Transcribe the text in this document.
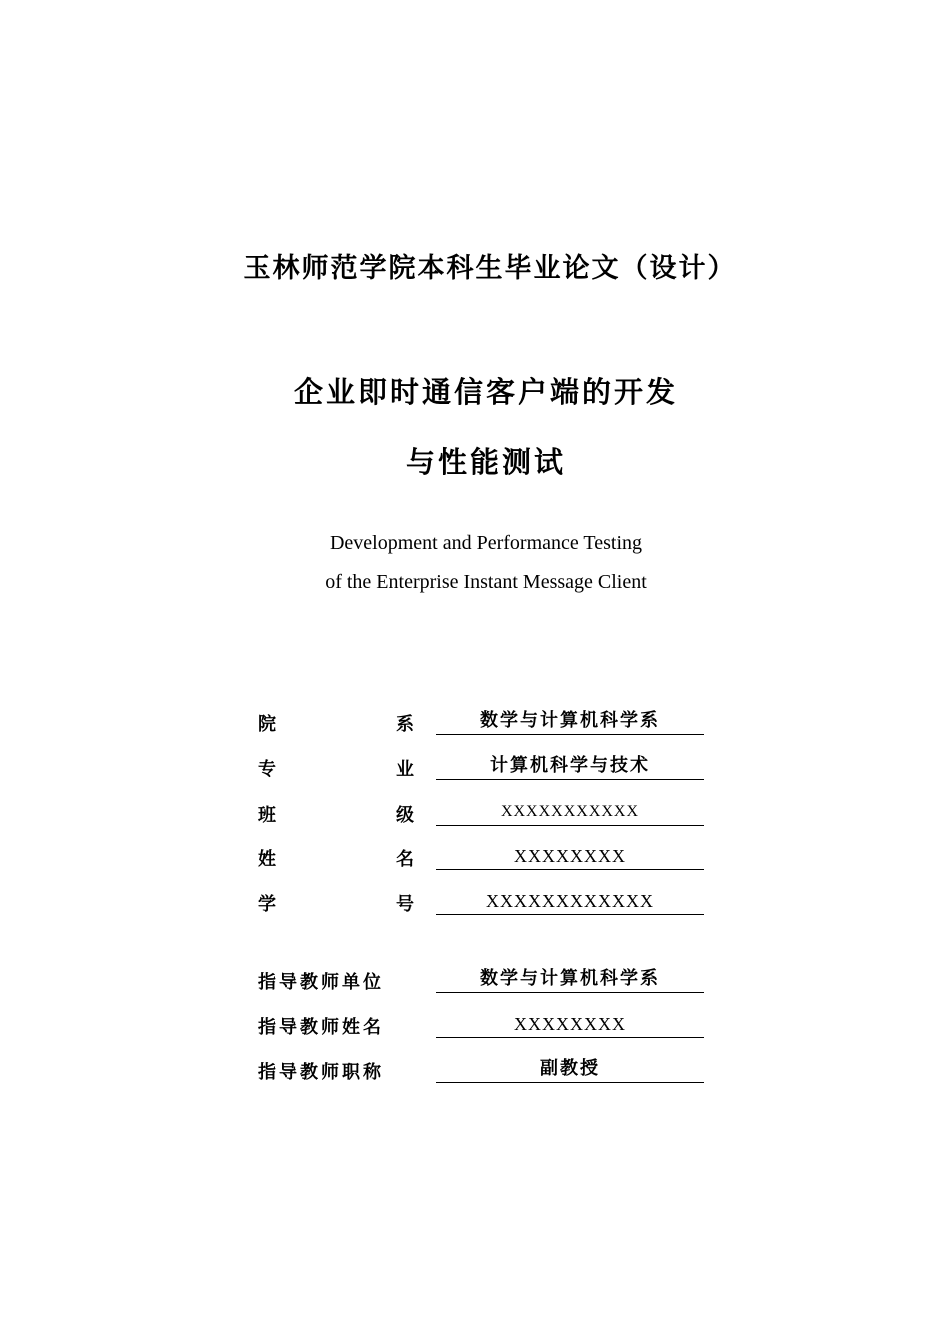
玉林师范学院本科生毕业论文（设计）
企业即时通信客户端的开发
与性能测试
Development and Performance Testing
of the Enterprise Instant Message Client
院	系	数学与计算机科学系
专	业	计算机科学与技术
班	级	XXXXXXXXXXX
姓	名	XXXXXXXX
学	号	XXXXXXXXXXXX
指导教师单位	数学与计算机科学系
指导教师姓名	XXXXXXXX
指导教师职称	副教授
